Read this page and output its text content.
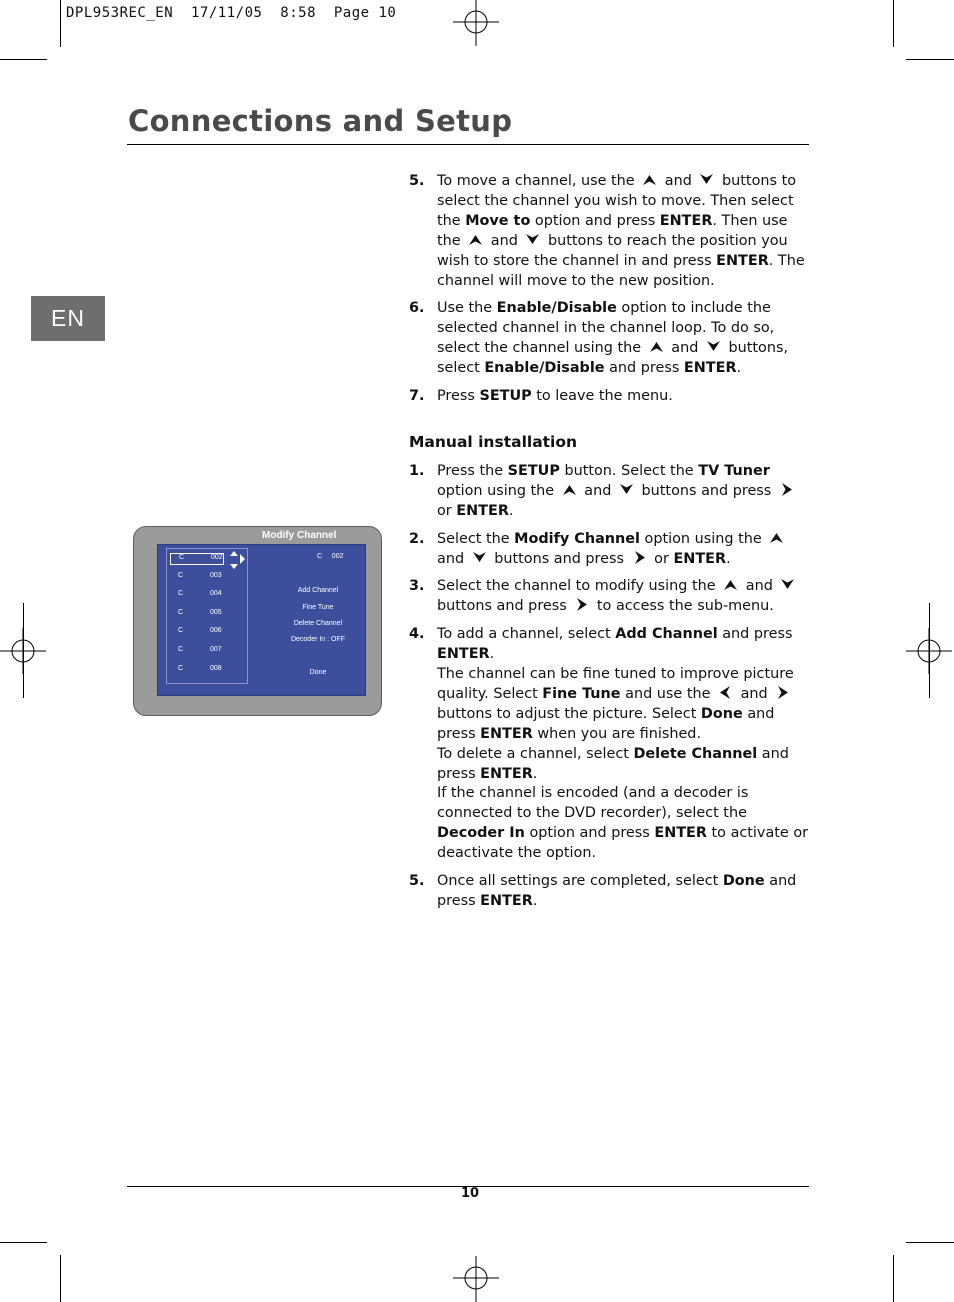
DPL953REC_EN  17/11/05  8:58  Page 10
Connections and Setup
EN
Modify Channel
C	002
C	003
C	004
C	005
C	006
C	007
C	008
C 002
Add Channel
Fine Tune
Delete Channel
Decoder In : OFF
Done
5. To move a channel, use the  and  buttons to select the channel you wish to move. Then select the Move to option and press ENTER. Then use the  and  buttons to reach the position you wish to store the channel in and press ENTER. The channel will move to the new position.
6. Use the Enable/Disable option to include the selected channel in the channel loop. To do so, select the channel using the  and  buttons, select Enable/Disable and press ENTER.
7. Press SETUP to leave the menu.
Manual installation
1. Press the SETUP button. Select the TV Tuner option using the  and  buttons and press  or ENTER.
2. Select the Modify Channel option using the  and  buttons and press  or ENTER.
3. Select the channel to modify using the  and  buttons and press  to access the sub-menu.
4. To add a channel, select Add Channel and press ENTER.
The channel can be fine tuned to improve picture quality. Select Fine Tune and use the  and  buttons to adjust the picture. Select Done and press ENTER when you are finished.
To delete a channel, select Delete Channel and press ENTER.
If the channel is encoded (and a decoder is connected to the DVD recorder), select the Decoder In option and press ENTER to activate or deactivate the option.
5. Once all settings are completed, select Done and press ENTER.
10
